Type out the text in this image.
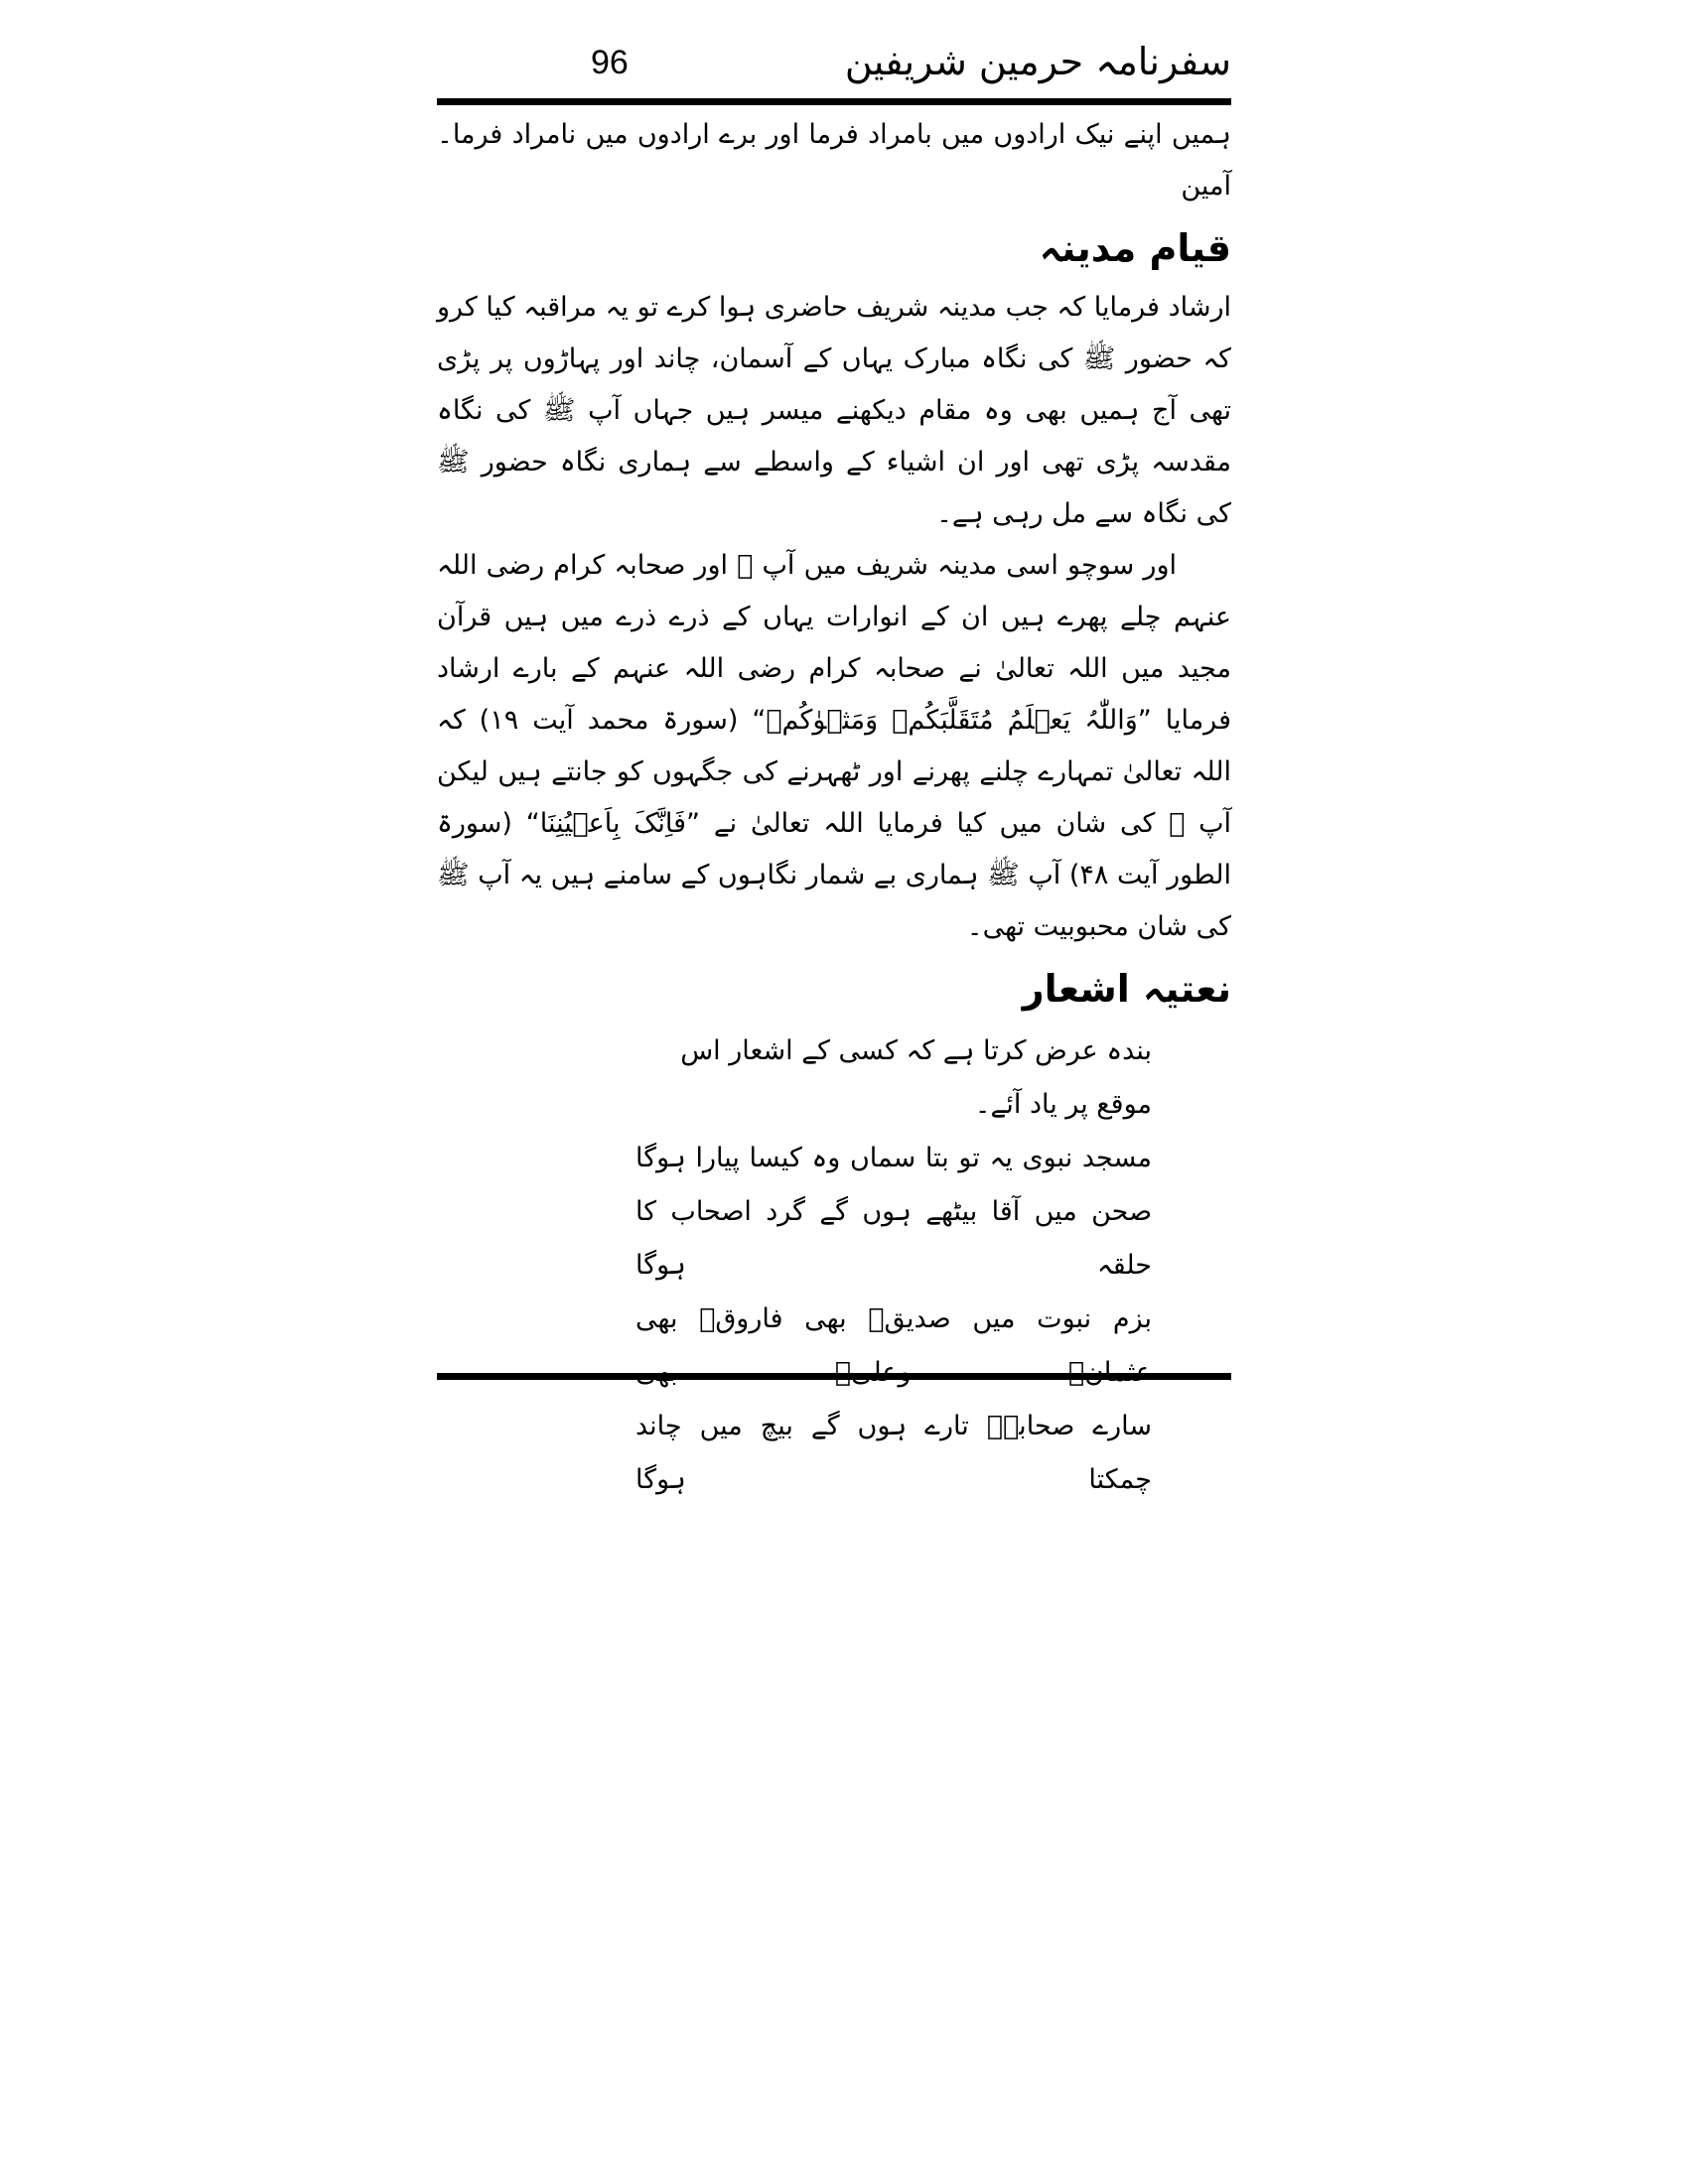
سفرنامہ حرمین شریفین
96

ہمیں اپنے نیک ارادوں میں بامراد فرما اور برے ارادوں میں نامراد فرما۔ آمین

قیام مدینہ

ارشاد فرمایا کہ جب مدینہ شریف حاضری ہوا کرے تو یہ مراقبہ کیا کرو کہ حضور ﷺ کی نگاہ مبارک یہاں کے آسمان، چاند اور پہاڑوں پر پڑی تھی آج ہمیں بھی وہ مقام دیکھنے میسر ہیں جہاں آپ ﷺ کی نگاہ مقدسہ پڑی تھی اور ان اشیاء کے واسطے سے ہماری نگاہ حضور ﷺ کی نگاہ سے مل رہی ہے۔

اور سوچو اسی مدینہ شریف میں آپ ﷺ اور صحابہ کرام رضی اللہ عنہم چلے پھرے ہیں ان کے انوارات یہاں کے ذرے ذرے میں ہیں قرآن مجید میں اللہ تعالیٰ نے صحابہ کرام رضی اللہ عنہم کے بارے ارشاد فرمایا ”وَاللّٰہُ یَعۡلَمُ مُتَقَلَّبَکُمۡ وَمَثۡوٰکُمۡ“ (سورۃ محمد آیت ۱۹) کہ اللہ تعالیٰ تمہارے چلنے پھرنے اور ٹھہرنے کی جگہوں کو جانتے ہیں لیکن آپ ﷺ کی شان میں کیا فرمایا اللہ تعالیٰ نے ”فَاِنَّکَ بِاَعۡیُنِنَا“ (سورۃ الطور آیت ۴۸) آپ ﷺ ہماری بے شمار نگاہوں کے سامنے ہیں یہ آپ ﷺ کی شان محبوبیت تھی۔

نعتیہ اشعار
بندہ عرض کرتا ہے کہ کسی کے اشعار اس موقع پر یاد آئے۔
مسجد نبوی یہ تو بتا سماں وہ کیسا پیارا ہوگا
صحن میں آقا بیٹھے ہوں گے گرد اصحاب کا حلقہ ہوگا
بزم نبوت میں صدیقؓ بھی فاروقؓ بھی
سارے صحابہؓ تارے ہوں گے بیچ میں چاند چمکتا ہوگا
